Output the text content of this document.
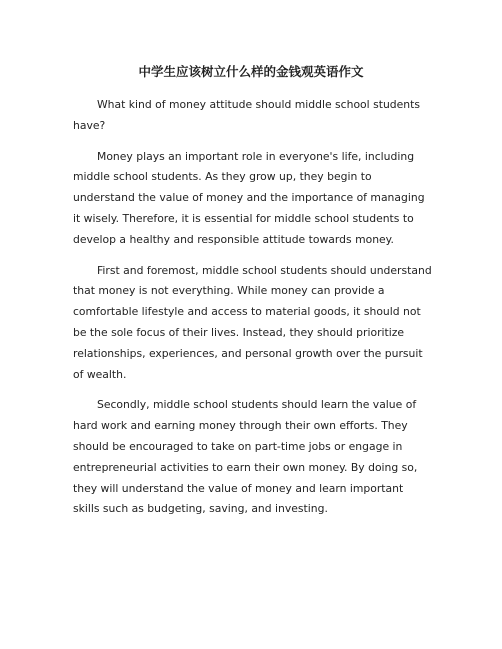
中学生应该树立什么样的金钱观英语作文

What kind of money attitude should middle school students have?

Money plays an important role in everyone's life, including middle school students. As they grow up, they begin to understand the value of money and the importance of managing it wisely. Therefore, it is essential for middle school students to develop a healthy and responsible attitude towards money.

First and foremost, middle school students should understand that money is not everything. While money can provide a comfortable lifestyle and access to material goods, it should not be the sole focus of their lives. Instead, they should prioritize relationships, experiences, and personal growth over the pursuit of wealth.

Secondly, middle school students should learn the value of hard work and earning money through their own efforts. They should be encouraged to take on part-time jobs or engage in entrepreneurial activities to earn their own money. By doing so, they will understand the value of money and learn important skills such as budgeting, saving, and investing.
